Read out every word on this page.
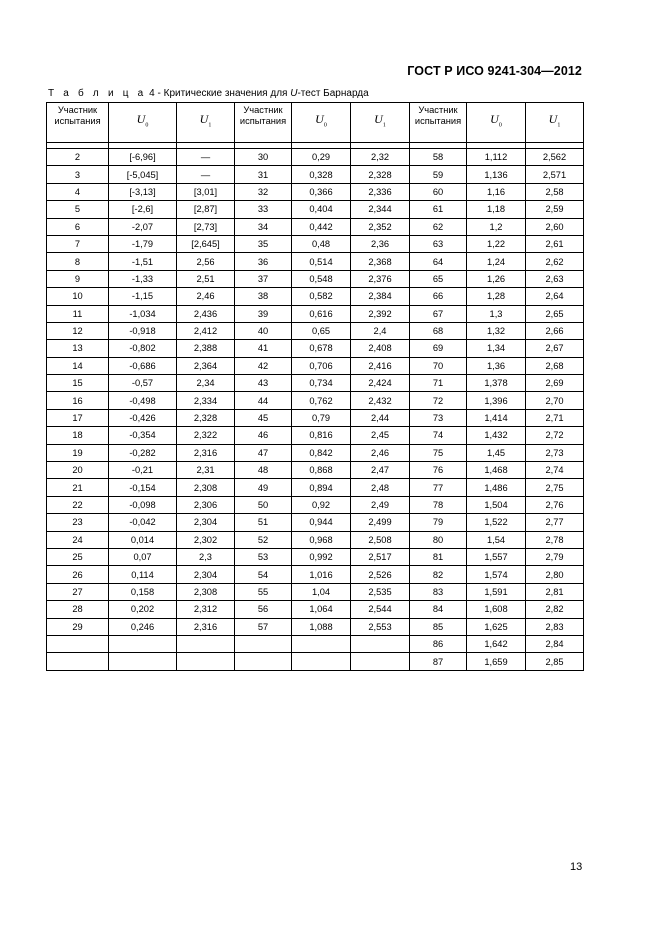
ГОСТ Р ИСО 9241-304—2012
Т а б л и ц а 4 - Критические значения для U-тест Барнарда
Участник испытания	$U_0$	$U_1$	Участник испытания	$U_0$	$U_1$	Участник испытания	$U_0$	$U_1$

2	[-6,96]	—	30	0,29	2,32	58	1,112	2,562
3	[-5,045]	—	31	0,328	2,328	59	1,136	2,571
4	[-3,13]	[3,01]	32	0,366	2,336	60	1,16	2,58
5	[-2,6]	[2,87]	33	0,404	2,344	61	1,18	2,59
6	-2,07	[2,73]	34	0,442	2,352	62	1,2	2,60
7	-1,79	[2,645]	35	0,48	2,36	63	1,22	2,61
8	-1,51	2,56	36	0,514	2,368	64	1,24	2,62
9	-1,33	2,51	37	0,548	2,376	65	1,26	2,63
10	-1,15	2,46	38	0,582	2,384	66	1,28	2,64
11	-1,034	2,436	39	0,616	2,392	67	1,3	2,65
12	-0,918	2,412	40	0,65	2,4	68	1,32	2,66
13	-0,802	2,388	41	0,678	2,408	69	1,34	2,67
14	-0,686	2,364	42	0,706	2,416	70	1,36	2,68
15	-0,57	2,34	43	0,734	2,424	71	1,378	2,69
16	-0,498	2,334	44	0,762	2,432	72	1,396	2,70
17	-0,426	2,328	45	0,79	2,44	73	1,414	2,71
18	-0,354	2,322	46	0,816	2,45	74	1,432	2,72
19	-0,282	2,316	47	0,842	2,46	75	1,45	2,73
20	-0,21	2,31	48	0,868	2,47	76	1,468	2,74
21	-0,154	2,308	49	0,894	2,48	77	1,486	2,75
22	-0,098	2,306	50	0,92	2,49	78	1,504	2,76
23	-0,042	2,304	51	0,944	2,499	79	1,522	2,77
24	0,014	2,302	52	0,968	2,508	80	1,54	2,78
25	0,07	2,3	53	0,992	2,517	81	1,557	2,79
26	0,114	2,304	54	1,016	2,526	82	1,574	2,80
27	0,158	2,308	55	1,04	2,535	83	1,591	2,81
28	0,202	2,312	56	1,064	2,544	84	1,608	2,82
29	0,246	2,316	57	1,088	2,553	85	1,625	2,83
						86	1,642	2,84
						87	1,659	2,85
13
